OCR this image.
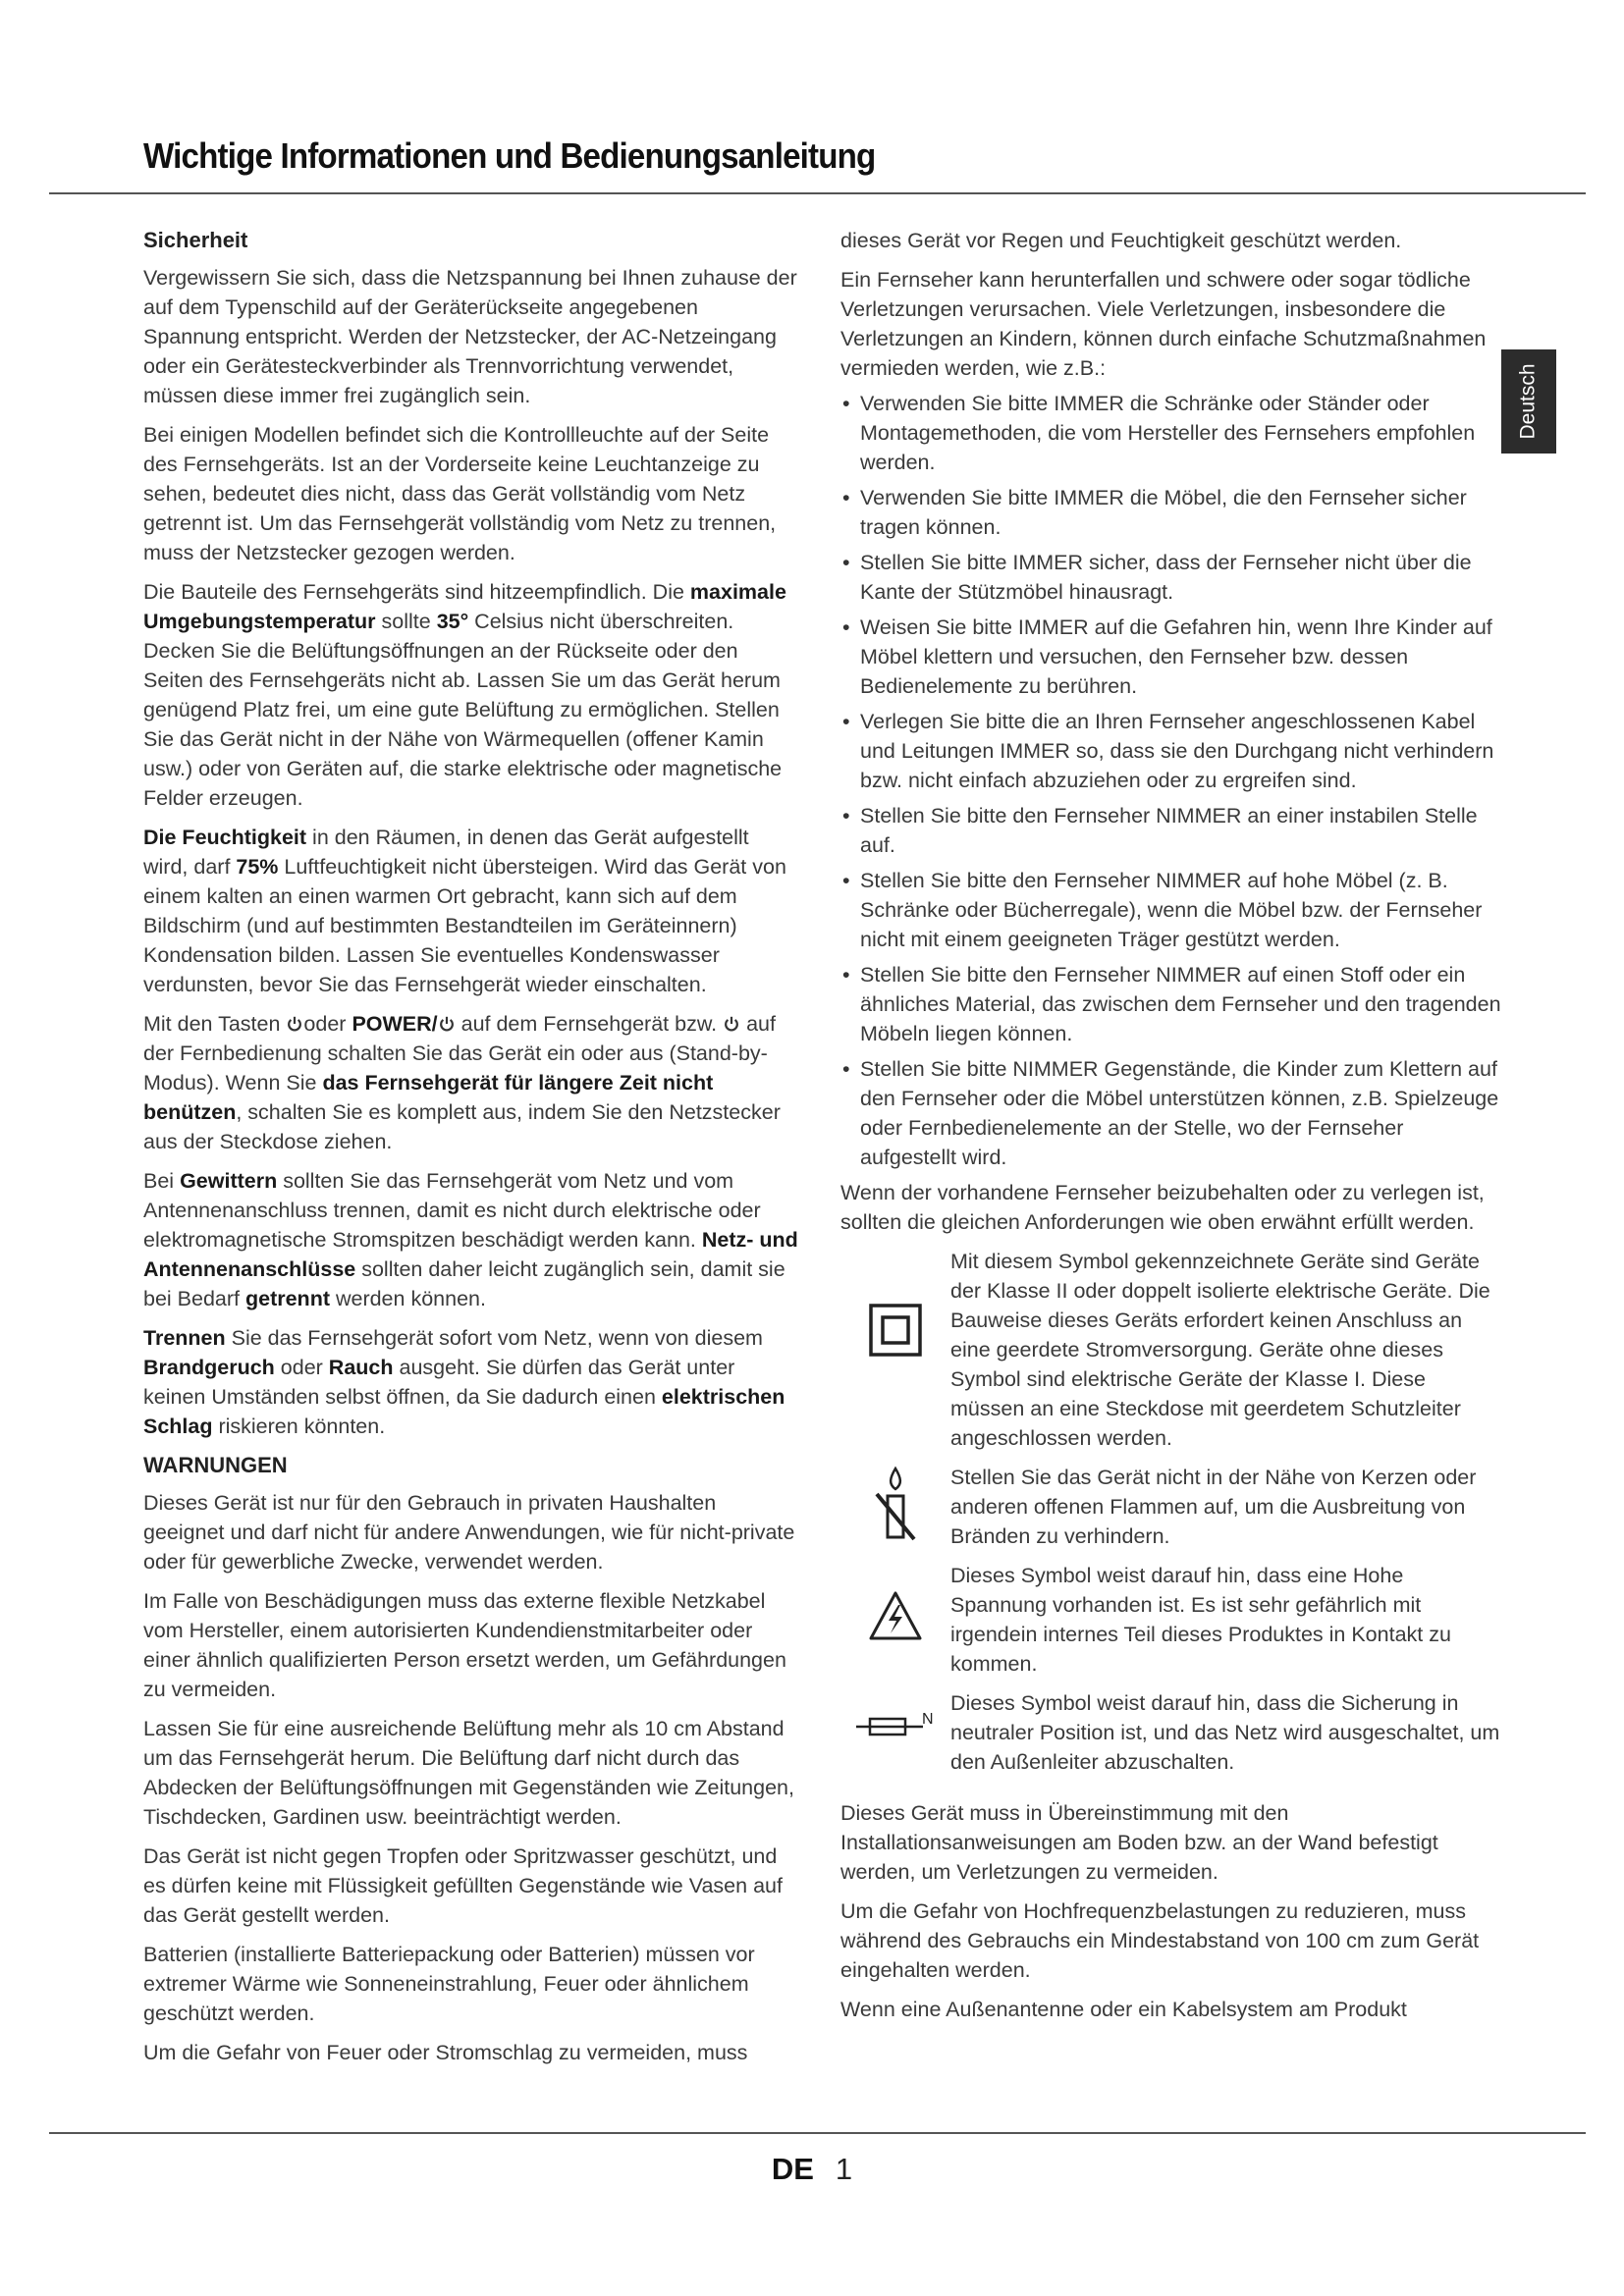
Wichtige Informationen und Bedienungsanleitung
Deutsch
Sicherheit

Vergewissern Sie sich, dass die Netzspannung bei Ihnen zuhause der auf dem Typenschild auf der Geräterückseite angegebenen Spannung entspricht. Werden der Netzstecker, der AC-Netzeingang oder ein Gerätesteckverbinder als Trennvorrichtung verwendet, müssen diese immer frei zugänglich sein.

Bei einigen Modellen befindet sich die Kontrollleuchte auf der Seite des Fernsehgeräts. Ist an der Vorderseite keine Leuchtanzeige zu sehen, bedeutet dies nicht, dass das Gerät vollständig vom Netz getrennt ist. Um das Fernsehgerät vollständig vom Netz zu trennen, muss der Netzstecker gezogen werden.

Die Bauteile des Fernsehgeräts sind hitzeempfindlich. Die maximale Umgebungstemperatur sollte 35° Celsius nicht überschreiten. Decken Sie die Belüftungsöffnungen an der Rückseite oder den Seiten des Fernsehgeräts nicht ab. Lassen Sie um das Gerät herum genügend Platz frei, um eine gute Belüftung zu ermöglichen. Stellen Sie das Gerät nicht in der Nähe von Wärmequellen (offener Kamin usw.) oder von Geräten auf, die starke elektrische oder magnetische Felder erzeugen.

Die Feuchtigkeit in den Räumen, in denen das Gerät aufgestellt wird, darf 75% Luftfeuchtigkeit nicht übersteigen. Wird das Gerät von einem kalten an einen warmen Ort gebracht, kann sich auf dem Bildschirm (und auf bestimmten Bestandteilen im Geräteinnern) Kondensation bilden. Lassen Sie eventuelles Kondenswasser verdunsten, bevor Sie das Fernsehgerät wieder einschalten.

Mit den Tasten oder POWER/ auf dem Fernsehgerät bzw.  auf der Fernbedienung schalten Sie das Gerät ein oder aus (Stand-by-Modus). Wenn Sie das Fernsehgerät für längere Zeit nicht benützen, schalten Sie es komplett aus, indem Sie den Netzstecker aus der Steckdose ziehen.

Bei Gewittern sollten Sie das Fernsehgerät vom Netz und vom Antennenanschluss trennen, damit es nicht durch elektrische oder elektromagnetische Stromspitzen beschädigt werden kann. Netz- und Antennenanschlüsse sollten daher leicht zugänglich sein, damit sie bei Bedarf getrennt werden können.

Trennen Sie das Fernsehgerät sofort vom Netz, wenn von diesem Brandgeruch oder Rauch ausgeht. Sie dürfen das Gerät unter keinen Umständen selbst öffnen, da Sie dadurch einen elektrischen Schlag riskieren könnten.

WARNUNGEN

Dieses Gerät ist nur für den Gebrauch in privaten Haushalten geeignet und darf nicht für andere Anwendungen, wie für nicht-private oder für gewerbliche Zwecke, verwendet werden.

Im Falle von Beschädigungen muss das externe flexible Netzkabel vom Hersteller, einem autorisierten Kundendienstmitarbeiter oder einer ähnlich qualifizierten Person ersetzt werden, um Gefährdungen zu vermeiden.

Lassen Sie für eine ausreichende Belüftung mehr als 10 cm Abstand um das Fernsehgerät herum. Die Belüftung darf nicht durch das Abdecken der Belüftungsöffnungen mit Gegenständen wie Zeitungen, Tischdecken, Gardinen usw. beeinträchtigt werden.

Das Gerät ist nicht gegen Tropfen oder Spritzwasser geschützt, und es dürfen keine mit Flüssigkeit gefüllten Gegenstände wie Vasen auf das Gerät gestellt werden.

Batterien (installierte Batteriepackung oder Batterien) müssen vor extremer Wärme wie Sonneneinstrahlung, Feuer oder ähnlichem geschützt werden.

Um die Gefahr von Feuer oder Stromschlag zu vermeiden, muss

dieses Gerät vor Regen und Feuchtigkeit geschützt werden.

Ein Fernseher kann herunterfallen und schwere oder sogar tödliche Verletzungen verursachen. Viele Verletzungen, insbesondere die Verletzungen an Kindern, können durch einfache Schutzmaßnahmen vermieden werden, wie z.B.:

• Verwenden Sie bitte IMMER die Schränke oder Ständer oder Montagemethoden, die vom Hersteller des Fernsehers empfohlen werden.
• Verwenden Sie bitte IMMER die Möbel, die den Fernseher sicher tragen können.
• Stellen Sie bitte IMMER sicher, dass der Fernseher nicht über die Kante der Stützmöbel hinausragt.
• Weisen Sie bitte IMMER auf die Gefahren hin, wenn Ihre Kinder auf Möbel klettern und versuchen, den Fernseher bzw. dessen Bedienelemente zu berühren.
• Verlegen Sie bitte die an Ihren Fernseher angeschlossenen Kabel und Leitungen IMMER so, dass sie den Durchgang nicht verhindern bzw. nicht einfach abzuziehen oder zu ergreifen sind.
• Stellen Sie bitte den Fernseher NIMMER an einer instabilen Stelle auf.
• Stellen Sie bitte den Fernseher NIMMER auf hohe Möbel (z. B. Schränke oder Bücherregale), wenn die Möbel bzw. der Fernseher nicht mit einem geeigneten Träger gestützt werden.
• Stellen Sie bitte den Fernseher NIMMER auf einen Stoff oder ein ähnliches Material, das zwischen dem Fernseher und den tragenden Möbeln liegen können.
• Stellen Sie bitte NIMMER Gegenstände, die Kinder zum Klettern auf den Fernseher oder die Möbel unterstützen können, z.B. Spielzeuge oder Fernbedienelemente an der Stelle, wo der Fernseher aufgestellt wird.

Wenn der vorhandene Fernseher beizubehalten oder zu verlegen ist, sollten die gleichen Anforderungen wie oben erwähnt erfüllt werden.

Mit diesem Symbol gekennzeichnete Geräte sind Geräte der Klasse II oder doppelt isolierte elektrische Geräte. Die Bauweise dieses Geräts erfordert keinen Anschluss an eine geerdete Stromversorgung. Geräte ohne dieses Symbol sind elektrische Geräte der Klasse I. Diese müssen an eine Steckdose mit geerdetem Schutzleiter angeschlossen werden.

Stellen Sie das Gerät nicht in der Nähe von Kerzen oder anderen offenen Flammen auf, um die Ausbreitung von Bränden zu verhindern.

Dieses Symbol weist darauf hin, dass eine Hohe Spannung vorhanden ist. Es ist sehr gefährlich mit irgendein internes Teil dieses Produktes in Kontakt zu kommen.

N

Dieses Symbol weist darauf hin, dass die Sicherung in neutraler Position ist, und das Netz wird ausgeschaltet, um den Außenleiter abzuschalten.

Dieses Gerät muss in Übereinstimmung mit den Installationsanweisungen am Boden bzw. an der Wand befestigt werden, um Verletzungen zu vermeiden.

Um die Gefahr von Hochfrequenzbelastungen zu reduzieren, muss während des Gebrauchs ein Mindestabstand von 100 cm zum Gerät eingehalten werden.

Wenn eine Außenantenne oder ein Kabelsystem am Produkt

DE 1
